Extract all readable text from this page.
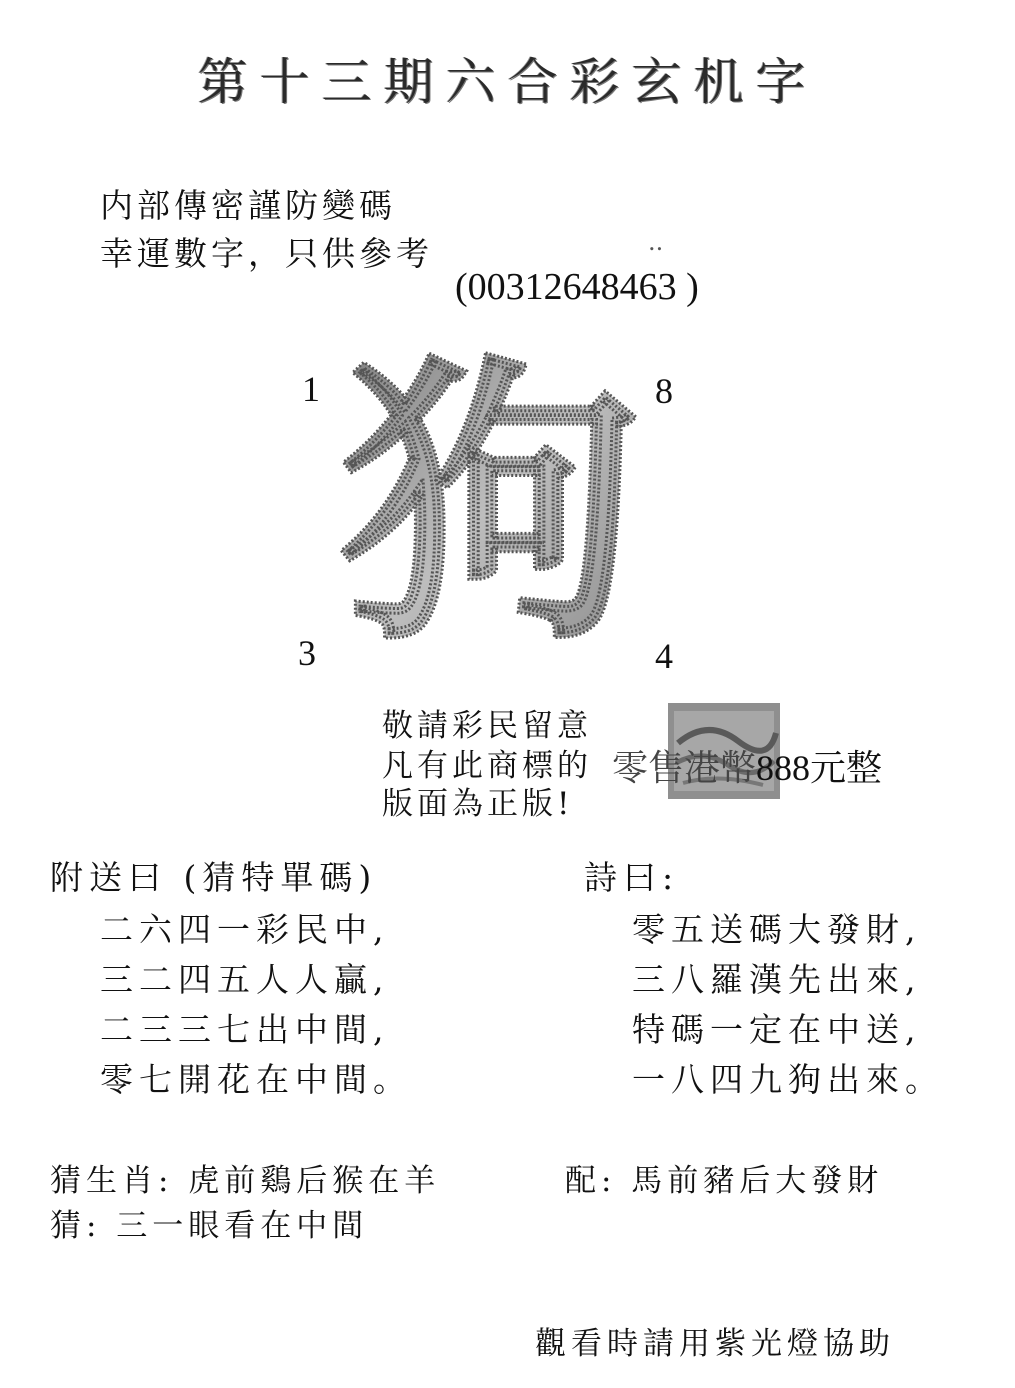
第十三期六合彩玄机字
内部傳密謹防變碼
幸運數字，只供參考	..
(00312648463 )
1	8
3	4
狗
敬請彩民留意
凡有此商標的
版面為正版!
零售港幣888元整
附送曰 (猜特單碼)
二六四一彩民中,
三二四五人人贏,
二三三七出中間,
零七開花在中間。
詩曰:
零五送碼大發財,
三八羅漢先出來,
特碼一定在中送,
一八四九狗出來。
猜生肖: 虎前鷄后猴在羊	配: 馬前豬后大發財
猜: 三一眼看在中間
觀看時請用紫光燈協助
